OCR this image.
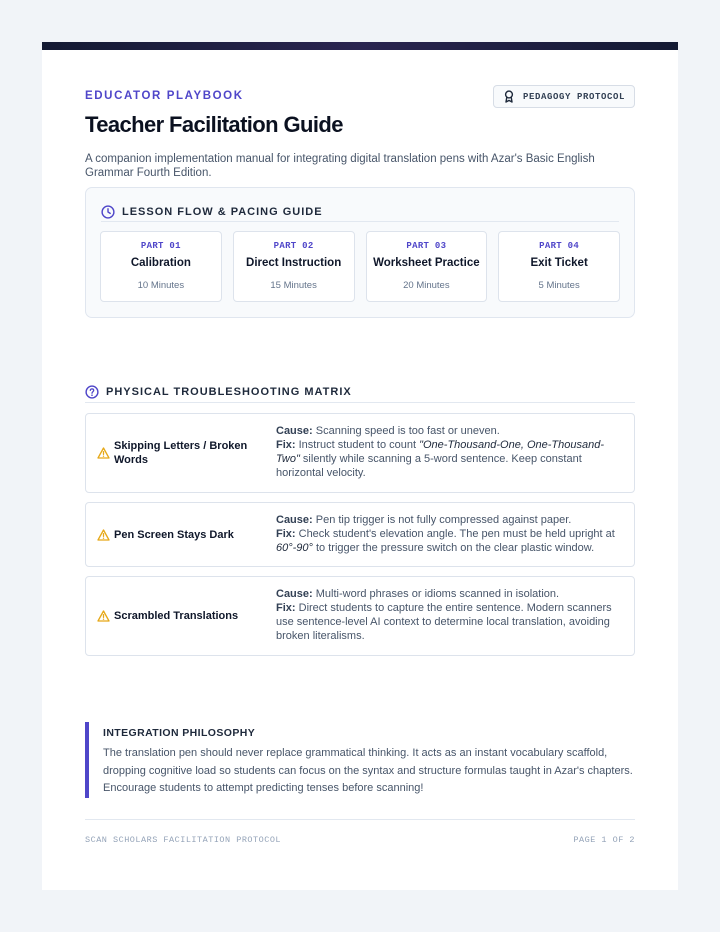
EDUCATOR PLAYBOOK	PEDAGOGY PROTOCOL
Teacher Facilitation Guide
A companion implementation manual for integrating digital translation pens with Azar's Basic English Grammar Fourth Edition.
LESSON FLOW & PACING GUIDE
PART 01
Calibration
10 Minutes
PART 02
Direct Instruction
15 Minutes
PART 03
Worksheet Practice
20 Minutes
PART 04
Exit Ticket
5 Minutes
PHYSICAL TROUBLESHOOTING MATRIX
Skipping Letters / Broken Words
Cause: Scanning speed is too fast or uneven.
Fix: Instruct student to count "One-Thousand-One, One-Thousand-Two" silently while scanning a 5-word sentence. Keep constant horizontal velocity.
Pen Screen Stays Dark
Cause: Pen tip trigger is not fully compressed against paper.
Fix: Check student's elevation angle. The pen must be held upright at 60°-90° to trigger the pressure switch on the clear plastic window.
Scrambled Translations
Cause: Multi-word phrases or idioms scanned in isolation.
Fix: Direct students to capture the entire sentence. Modern scanners use sentence-level AI context to determine local translation, avoiding broken literalisms.
INTEGRATION PHILOSOPHY
The translation pen should never replace grammatical thinking. It acts as an instant vocabulary scaffold, dropping cognitive load so students can focus on the syntax and structure formulas taught in Azar's chapters. Encourage students to attempt predicting tenses before scanning!
SCAN SCHOLARS FACILITATION PROTOCOL	PAGE 1 OF 2
